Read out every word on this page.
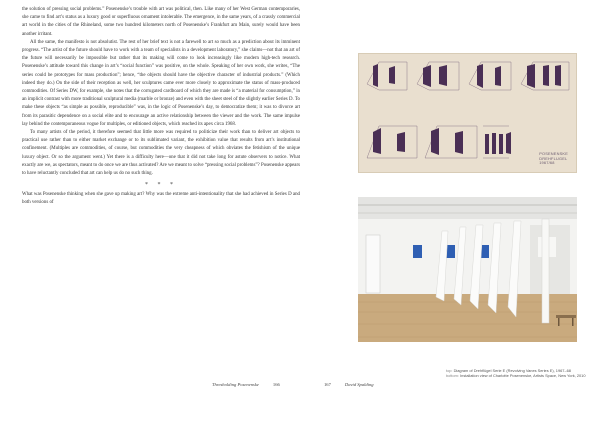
the solution of pressing social problems.” Posenenske’s trouble with art was political, then. Like many of her West German contemporaries, she came to find art’s status as a luxury good or superfluous ornament intolerable. The emergence, in the same years, of a crassly commercial art world in the cities of the Rhineland, some two hundred kilometers north of Posenenske’s Frankfurt am Main, surely would have been another irritant.

All the same, the manifesto is not absolutist. The rest of her brief text is not a farewell to art so much as a prediction about its imminent progress. “The artist of the future should have to work with a team of specialists in a development laboratory,” she claims—not that an art of the future will necessarily be impossible but rather that its making will come to look increasingly like modern high-tech research. Posenenske’s attitude toward this change in art’s “social function” was positive, on the whole. Speaking of her own work, she writes, “The series could be prototypes for mass production”; hence, “the objects should have the objective character of industrial products.” (Which indeed they do.) On the side of their reception as well, her sculptures came ever more closely to approximate the status of mass-produced commodities. Of Series DW, for example, she notes that the corrugated cardboard of which they are made is “a material for consumption,” in an implicit contrast with more traditional sculptural media (marble or bronze) and even with the sheet steel of the slightly earlier Series D. To make these objects “as simple as possible, reproducible” was, in the logic of Posenenske’s day, to democratize them; it was to divorce art from its parasitic dependence on a social elite and to encourage an active relationship between the viewer and the work. The same impulse lay behind the contemporaneous vogue for multiples, or editioned objects, which reached its apex circa 1968.

To many artists of the period, it therefore seemed that little more was required to politicize their work than to deliver art objects to practical use rather than to either market exchange or to its sublimated variant, the exhibition value that results from art’s institutional confinement. (Multiples are commodities, of course, but commodities the very cheapness of which obviates the fetishism of the unique luxury object. Or so the argument went.) Yet there is a difficulty here—one that it did not take long for astute observers to notice. What exactly are we, as spectators, meant to do once we are thus activated? Are we meant to solve “pressing social problems”? Posenenske appears to have reluctantly concluded that art can help us do no such thing.

* * *

What was Posenenske thinking when she gave up making art? Why was the extreme anti-intentionality that she had achieved in Series D and both versions of

Thresholding Posenenske	166	167	David Spalding
POSENENSKE
DREHFLUGEL
1967/68
top: Diagram of Drehflügel Serie E (Revolving Vanes Series E), 1967–68
bottom: Installation view of Charlotte Posenenske, Artists Space, New York, 2010
